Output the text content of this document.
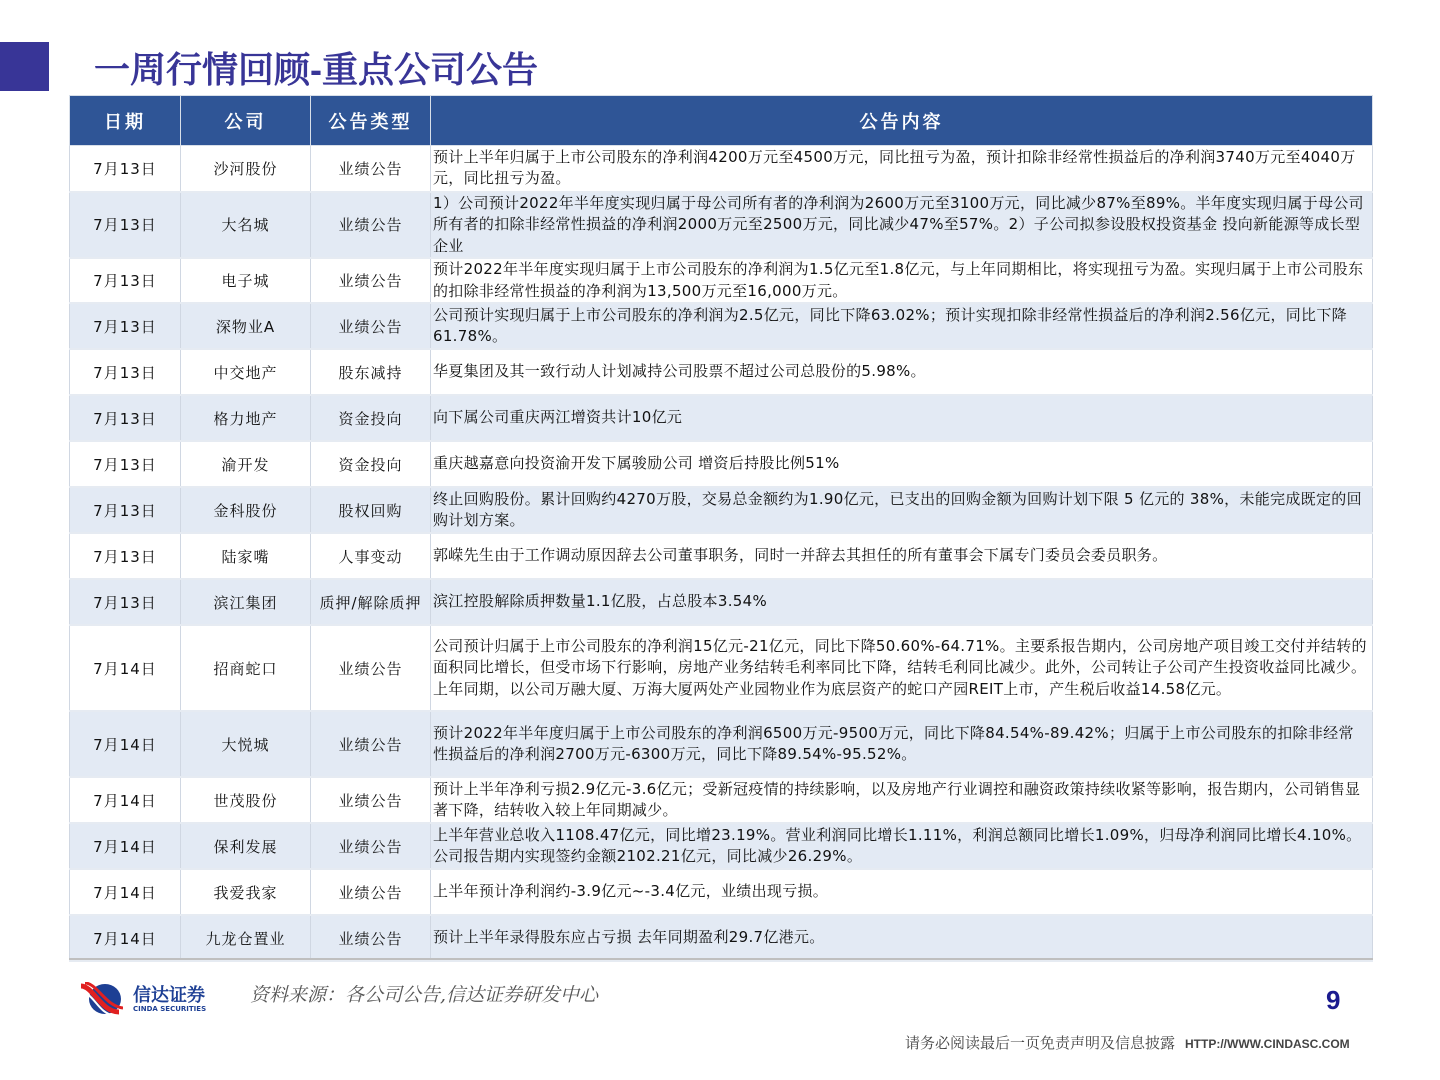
一周行情回顾-重点公司公告
日期	公司	公告类型	公告内容
7月13日	沙河股份	业绩公告	预计上半年归属于上市公司股东的净利润4200万元至4500万元，同比扭亏为盈，预计扣除非经常性损益后的净利润3740万元至4040万元，同比扭亏为盈。
7月13日	大名城	业绩公告	1）公司预计2022年半年度实现归属于母公司所有者的净利润为2600万元至3100万元，同比减少87%至89%。半年度实现归属于母公司所有者的扣除非经常性损益的净利润2000万元至2500万元，同比减少47%至57%。2）子公司拟参设股权投资基金 投向新能源等成长型企业
7月13日	电子城	业绩公告	预计2022年半年度实现归属于上市公司股东的净利润为1.5亿元至1.8亿元，与上年同期相比，将实现扭亏为盈。实现归属于上市公司股东的扣除非经常性损益的净利润为13,500万元至16,000万元。
7月13日	深物业A	业绩公告	公司预计实现归属于上市公司股东的净利润为2.5亿元，同比下降63.02%；预计实现扣除非经常性损益后的净利润2.56亿元，同比下降61.78%。
7月13日	中交地产	股东减持	华夏集团及其一致行动人计划减持公司股票不超过公司总股份的5.98%。
7月13日	格力地产	资金投向	向下属公司重庆两江增资共计10亿元
7月13日	渝开发	资金投向	重庆越嘉意向投资渝开发下属骏励公司 增资后持股比例51%
7月13日	金科股份	股权回购	终止回购股份。累计回购约4270万股，交易总金额约为1.90亿元，已支出的回购金额为回购计划下限 5 亿元的 38%，未能完成既定的回购计划方案。
7月13日	陆家嘴	人事变动	郭嵘先生由于工作调动原因辞去公司董事职务，同时一并辞去其担任的所有董事会下属专门委员会委员职务。
7月13日	滨江集团	质押/解除质押	滨江控股解除质押数量1.1亿股，占总股本3.54%
7月14日	招商蛇口	业绩公告	公司预计归属于上市公司股东的净利润15亿元-21亿元，同比下降50.60%-64.71%。主要系报告期内，公司房地产项目竣工交付并结转的面积同比增长，但受市场下行影响，房地产业务结转毛利率同比下降，结转毛利同比减少。此外，公司转让子公司产生投资收益同比减少。上年同期，以公司万融大厦、万海大厦两处产业园物业作为底层资产的蛇口产园REIT上市，产生税后收益14.58亿元。
7月14日	大悦城	业绩公告	预计2022年半年度归属于上市公司股东的净利润6500万元-9500万元，同比下降84.54%-89.42%；归属于上市公司股东的扣除非经常性损益后的净利润2700万元-6300万元，同比下降89.54%-95.52%。
7月14日	世茂股份	业绩公告	预计上半年净利亏损2.9亿元-3.6亿元；受新冠疫情的持续影响，以及房地产行业调控和融资政策持续收紧等影响，报告期内，公司销售显著下降，结转收入较上年同期减少。
7月14日	保利发展	业绩公告	上半年营业总收入1108.47亿元，同比增23.19%。营业利润同比增长1.11%，利润总额同比增长1.09%，归母净利润同比增长4.10%。公司报告期内实现签约金额2102.21亿元，同比减少26.29%。
7月14日	我爱我家	业绩公告	上半年预计净利润约-3.9亿元~-3.4亿元，业绩出现亏损。
7月14日	九龙仓置业	业绩公告	预计上半年录得股东应占亏损 去年同期盈利29.7亿港元。
信达证券
CINDA SECURITIES
资料来源：各公司公告,信达证券研发中心	9
请务必阅读最后一页免责声明及信息披露 HTTP://WWW.CINDASC.COM
